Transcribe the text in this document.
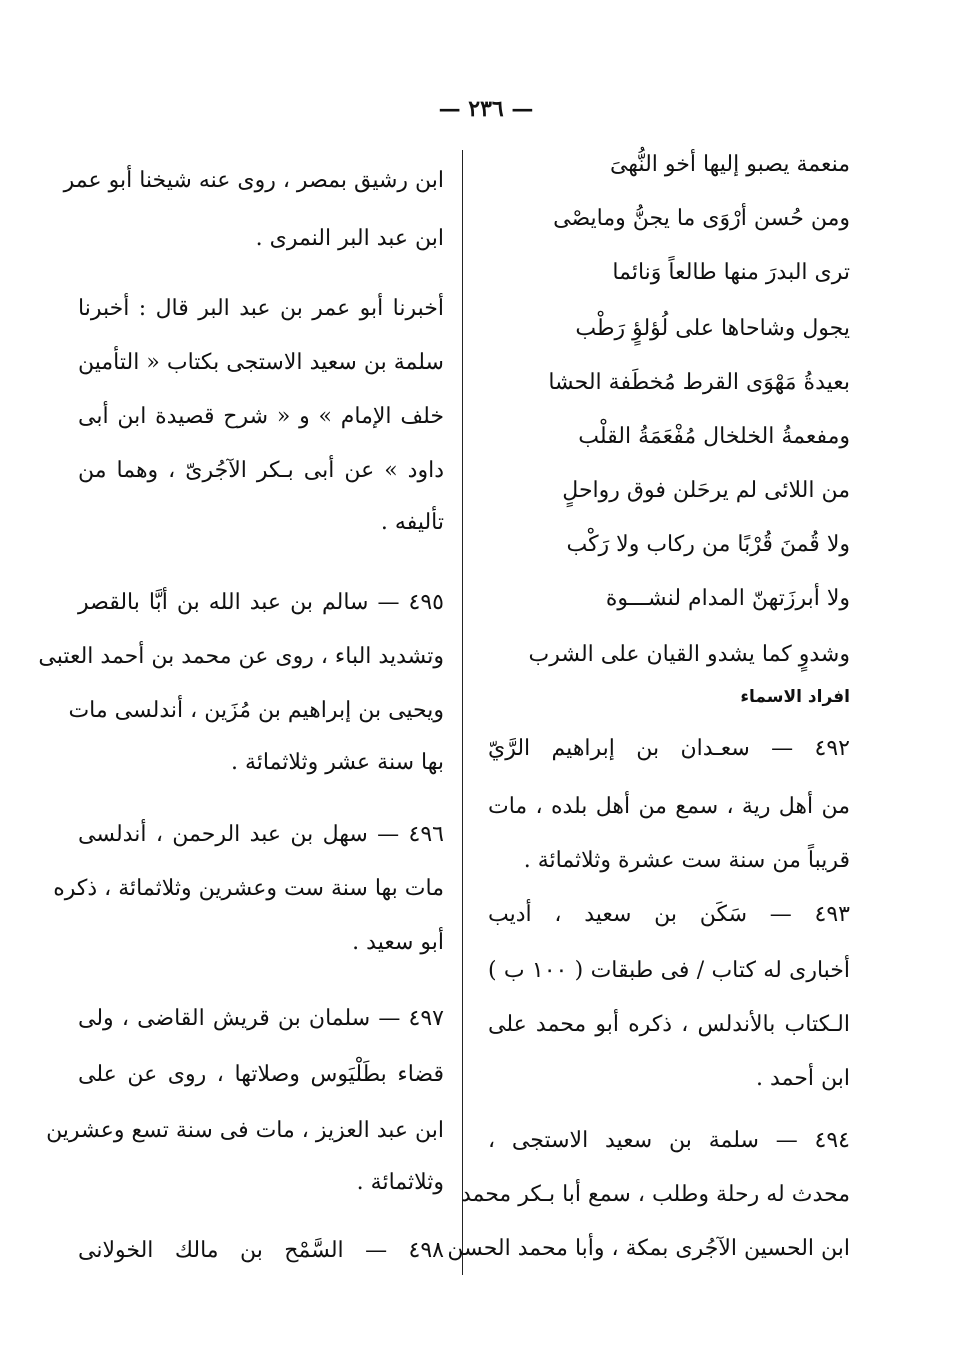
— ٢٣٦ —
منعمة يصبو إليها أخو النُّهىَ
ومن حُسن أرْوَى ما يجنُّ ومايصْى
ترى البدرَ منها طالعاً وَنائما
يجول وشاحاها على لُؤلؤٍ رَطْب
بعيدةُ مَهْوَى القرط مُخطَفة الحشا
ومفعمةُ الخلخال مُفْعَمَةُ القلْب
من اللائى لم يرحَلن فوق رواحلٍ
ولا قُمنَ قُرْبًا من ركاب ولا رَكْب
ولا أبرزَتهنّ المدام لنشـــوة
وشدوٍ كما يشدو القيان على الشرب
افراد الاسماء
٤٩٢ — سعـدان بن إبراهيم الرَّيّ
من أهل رية ، سمع من أهل بلده ، مات
قريباً من سنة ست عشرة وثلاثمائة .
٤٩٣ — سَكَن بن سعيد ، أديب
أخبارى له كتاب / فى طبقات ( ١٠٠ ب )
الـكتاب بالأندلس ، ذكره أبو محمد على
ابن أحمد .
٤٩٤ — سلمة بن سعيد الاستجى ،
محدث له رحلة وطلب ، سمع أبا بـكر محمد
ابن الحسين الآجُرى بمكة ، وأبا محمد الحسن
ابن رشيق بمصر ، روى عنه شيخنا أبو عمر
ابن عبد البر النمرى .
أخبرنا أبو عمر بن عبد البر قال : أخبرنا
سلمة بن سعيد الاستجى بكتاب « التأمين
خلف الإمام » و « شرح قصيدة ابن أبى
داود » عن أبى بـكر الآجُرىّ ، وهما من
تأليفه .
٤٩٥ — سالم بن عبد الله بن أبَّا بالقصر
وتشديد الباء ، روى عن محمد بن أحمد العتبى
ويحيى بن إبراهيم بن مُزَين ، أندلسى مات
بها سنة عشر وثلاثمائة .
٤٩٦ — سهل بن عبد الرحمن ، أندلسى
مات بها سنة ست وعشرين وثلاثمائة ، ذكره
أبو سعيد .
٤٩٧ — سلمان بن قريش القاضى ، ولى
قضاء بطَلْيَوس وصلاتها ، روى عن على
ابن عبد العزيز ، مات فى سنة تسع وعشرين
وثلاثمائة .
٤٩٨ — السَّمْح بن مالك الخولانى
